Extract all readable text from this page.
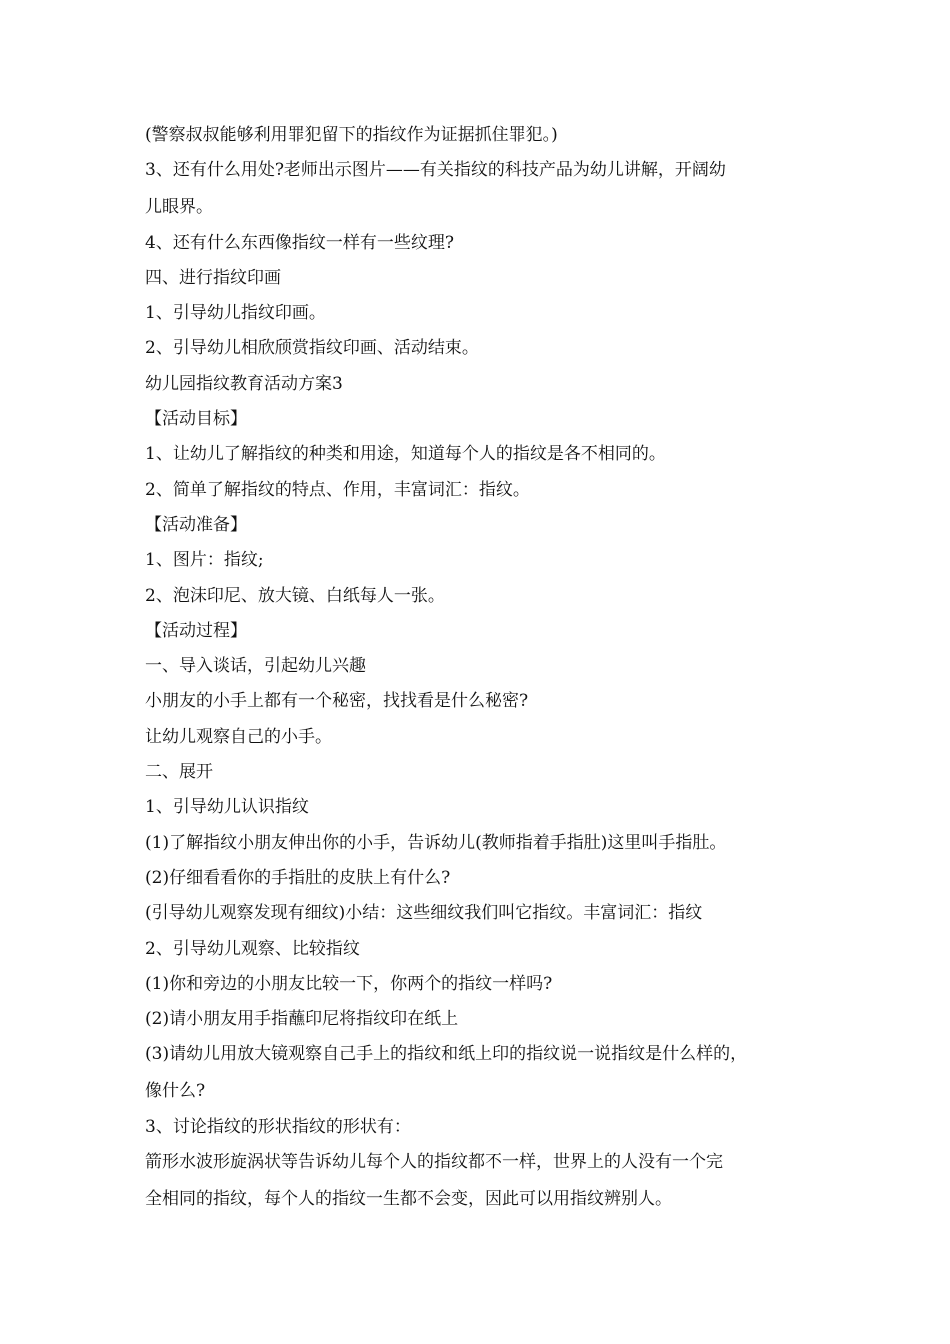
(警察叔叔能够利用罪犯留下的指纹作为证据抓住罪犯。)
3、还有什么用处?老师出示图片——有关指纹的科技产品为幼儿讲解，开阔幼
儿眼界。
4、还有什么东西像指纹一样有一些纹理?
四、进行指纹印画
1、引导幼儿指纹印画。
2、引导幼儿相欣颀赏指纹印画、活动结束。
幼儿园指纹教育活动方案3
【活动目标】
1、让幼儿了解指纹的种类和用途，知道每个人的指纹是各不相同的。
2、简单了解指纹的特点、作用，丰富词汇：指纹。
【活动准备】
1、图片：指纹;
2、泡沫印尼、放大镜、白纸每人一张。
【活动过程】
一、导入谈话，引起幼儿兴趣
小朋友的小手上都有一个秘密，找找看是什么秘密?
让幼儿观察自己的小手。
二、展开
1、引导幼儿认识指纹
(1)了解指纹小朋友伸出你的小手，告诉幼儿(教师指着手指肚)这里叫手指肚。
(2)仔细看看你的手指肚的皮肤上有什么?
(引导幼儿观察发现有细纹)小结：这些细纹我们叫它指纹。丰富词汇：指纹
2、引导幼儿观察、比较指纹
(1)你和旁边的小朋友比较一下，你两个的指纹一样吗?
(2)请小朋友用手指蘸印尼将指纹印在纸上
(3)请幼儿用放大镜观察自己手上的指纹和纸上印的指纹说一说指纹是什么样的，
像什么?
3、讨论指纹的形状指纹的形状有：
箭形水波形旋涡状等告诉幼儿每个人的指纹都不一样，世界上的人没有一个完
全相同的指纹，每个人的指纹一生都不会变，因此可以用指纹辨别人。
